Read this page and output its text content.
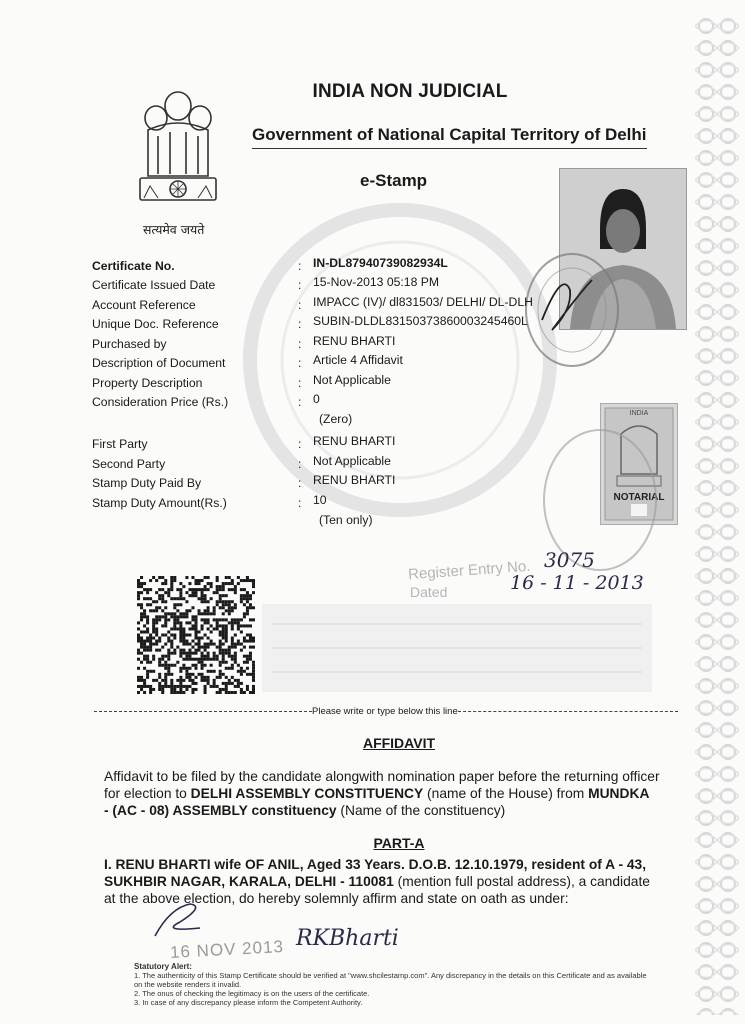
सत्यमेव जयते
INDIA NON JUDICIAL
Government of National Capital Territory of Delhi
e-Stamp
Certificate No.	: IN-DL87940739082934L
Certificate Issued Date	: 15-Nov-2013 05:18 PM
Account Reference	: IMPACC (IV)/ dl831503/ DELHI/ DL-DLH
Unique Doc. Reference	: SUBIN-DLDL83150373860003245460L
Purchased by	: RENU BHARTI
Description of Document	: Article 4 Affidavit
Property Description	: Not Applicable
Consideration Price (Rs.)	: 0
(Zero)
First Party	: RENU BHARTI
Second Party	: Not Applicable
Stamp Duty Paid By	: RENU BHARTI
Stamp Duty Amount(Rs.)	: 10
(Ten only)
INDIA
NOTARIAL
Register Entry No. 3075
Dated	16 - 11 - 2013
Please write or type below this line
AFFIDAVIT
Affidavit to be filed by the candidate alongwith nomination paper before the returning officer
for election to DELHI ASSEMBLY CONSTITUENCY (name of the House) from MUNDKA
- (AC - 08) ASSEMBLY constituency (Name of the constituency)
PART-A
I. RENU BHARTI wife OF ANIL, Aged 33 Years. D.O.B. 12.10.1979, resident of A - 43,
SUKHBIR NAGAR, KARALA, DELHI - 110081 (mention full postal address), a candidate
at the above election, do hereby solemnly affirm and state on oath as under:
16 NOV 2013 RKBharti
Statutory Alert:
1. The authenticity of this Stamp Certificate should be verified at "www.shcilestamp.com". Any discrepancy in the details on this Certificate and as available on the website renders it invalid.
2. The onus of checking the legitimacy is on the users of the certificate.
3. In case of any discrepancy please inform the Competent Authority.
